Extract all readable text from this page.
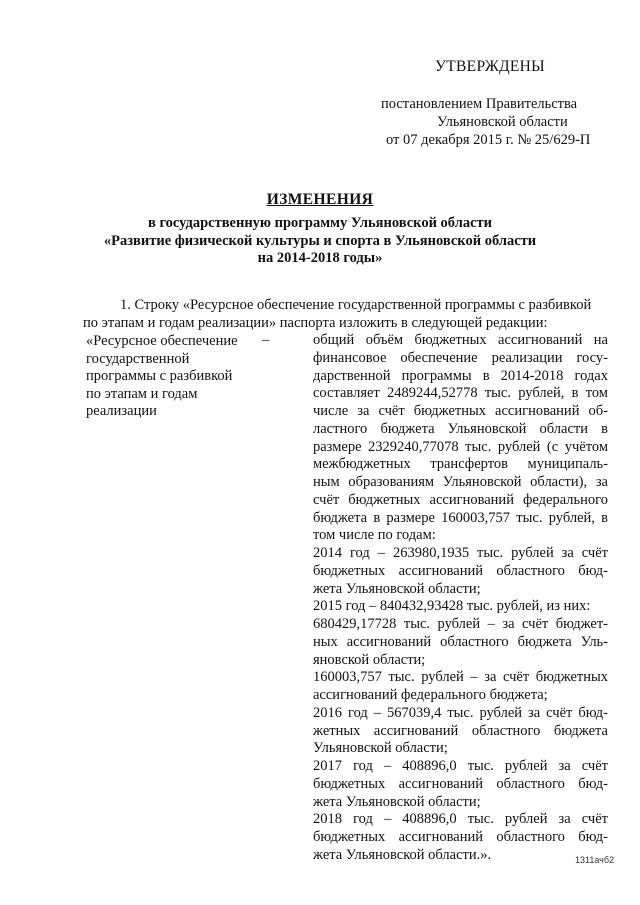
УТВЕРЖДЕНЫ
постановлением Правительства
Ульяновской области
от 07 декабря 2015 г. № 25/629-П
ИЗМЕНЕНИЯ
в государственную программу Ульяновской области
«Развитие физической культуры и спорта в Ульяновской области
на 2014-2018 годы»
1. Строку «Ресурсное обеспечение государственной программы с разбивкой
по этапам и годам реализации» паспорта изложить в следующей редакции:
«Ресурсное обеспечение
государственной
программы с разбивкой
по этапам и годам
реализации
–	общий объём бюджетных ассигнований на
финансовое обеспечение реализации госу-
дарственной программы в 2014-2018 годах
составляет 2489244,52778 тыс. рублей, в том
числе за счёт бюджетных ассигнований об-
ластного бюджета Ульяновской области в
размере 2329240,77078 тыс. рублей (с учётом
межбюджетных трансфертов муниципаль-
ным образованиям Ульяновской области), за
счёт бюджетных ассигнований федерального
бюджета в размере 160003,757 тыс. рублей, в
том числе по годам:
2014 год – 263980,1935 тыс. рублей за счёт
бюджетных ассигнований областного бюд-
жета Ульяновской области;
2015 год – 840432,93428 тыс. рублей, из них:
680429,17728 тыс. рублей – за счёт бюджет-
ных ассигнований областного бюджета Уль-
яновской области;
160003,757 тыс. рублей – за счёт бюджетных
ассигнований федерального бюджета;
2016 год – 567039,4 тыс. рублей за счёт бюд-
жетных ассигнований областного бюджета
Ульяновской области;
2017 год – 408896,0 тыс. рублей за счёт
бюджетных ассигнований областного бюд-
жета Ульяновской области;
2018 год – 408896,0 тыс. рублей за счёт
бюджетных ассигнований областного бюд-
жета Ульяновской области.».	1311ачб2
